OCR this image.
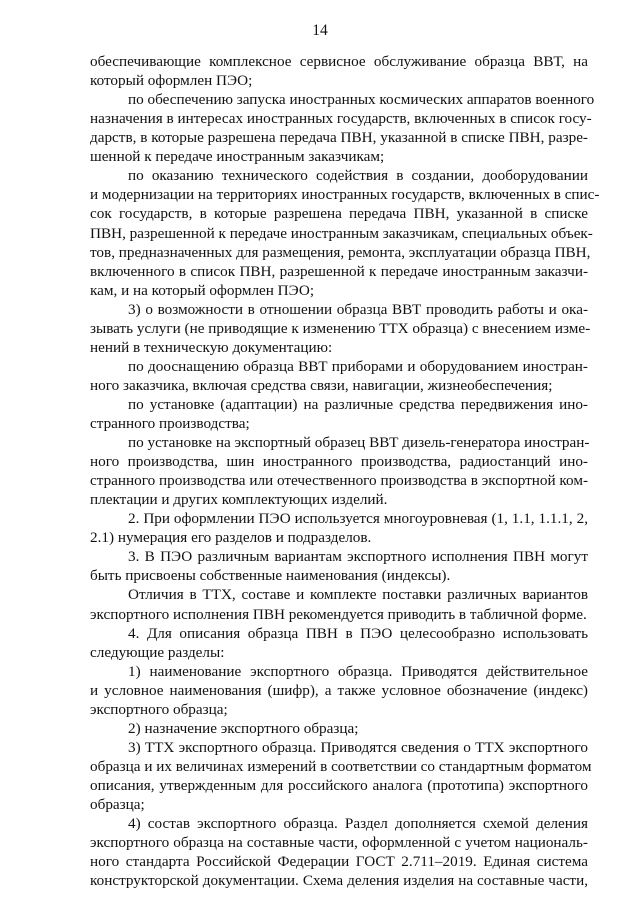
14
обеспечивающие комплексное сервисное обслуживание образца ВВТ, на
который оформлен ПЭО;
по обеспечению запуска иностранных космических аппаратов военного
назначения в интересах иностранных государств, включенных в список госу-
дарств, в которые разрешена передача ПВН, указанной в списке ПВН, разре-
шенной к передаче иностранным заказчикам;
по оказанию технического содействия в создании, дооборудовании
и модернизации на территориях иностранных государств, включенных в спис-
сок государств, в которые разрешена передача ПВН, указанной в списке
ПВН, разрешенной к передаче иностранным заказчикам, специальных объек-
тов, предназначенных для размещения, ремонта, эксплуатации образца ПВН,
включенного в список ПВН, разрешенной к передаче иностранным заказчи-
кам, и на который оформлен ПЭО;
3) о возможности в отношении образца ВВТ проводить работы и ока-
зывать услуги (не приводящие к изменению ТТХ образца) с внесением изме-
нений в техническую документацию:
по дооснащению образца ВВТ приборами и оборудованием иностран-
ного заказчика, включая средства связи, навигации, жизнеобеспечения;
по установке (адаптации) на различные средства передвижения ино-
странного производства;
по установке на экспортный образец ВВТ дизель-генератора иностран-
ного производства, шин иностранного производства, радиостанций ино-
странного производства или отечественного производства в экспортной ком-
плектации и других комплектующих изделий.
2. При оформлении ПЭО используется многоуровневая (1, 1.1, 1.1.1, 2,
2.1) нумерация его разделов и подразделов.
3. В ПЭО различным вариантам экспортного исполнения ПВН могут
быть присвоены собственные наименования (индексы).
Отличия в ТТХ, составе и комплекте поставки различных вариантов
экспортного исполнения ПВН рекомендуется приводить в табличной форме.
4. Для описания образца ПВН в ПЭО целесообразно использовать
следующие разделы:
1) наименование экспортного образца. Приводятся действительное
и условное наименования (шифр), а также условное обозначение (индекс)
экспортного образца;
2) назначение экспортного образца;
3) ТТХ экспортного образца. Приводятся сведения о ТТХ экспортного
образца и их величинах измерений в соответствии со стандартным форматом
описания, утвержденным для российского аналога (прототипа) экспортного
образца;
4) состав экспортного образца. Раздел дополняется схемой деления
экспортного образца на составные части, оформленной с учетом националь-
ного стандарта Российской Федерации ГОСТ 2.711–2019. Единая система
конструкторской документации. Схема деления изделия на составные части,
